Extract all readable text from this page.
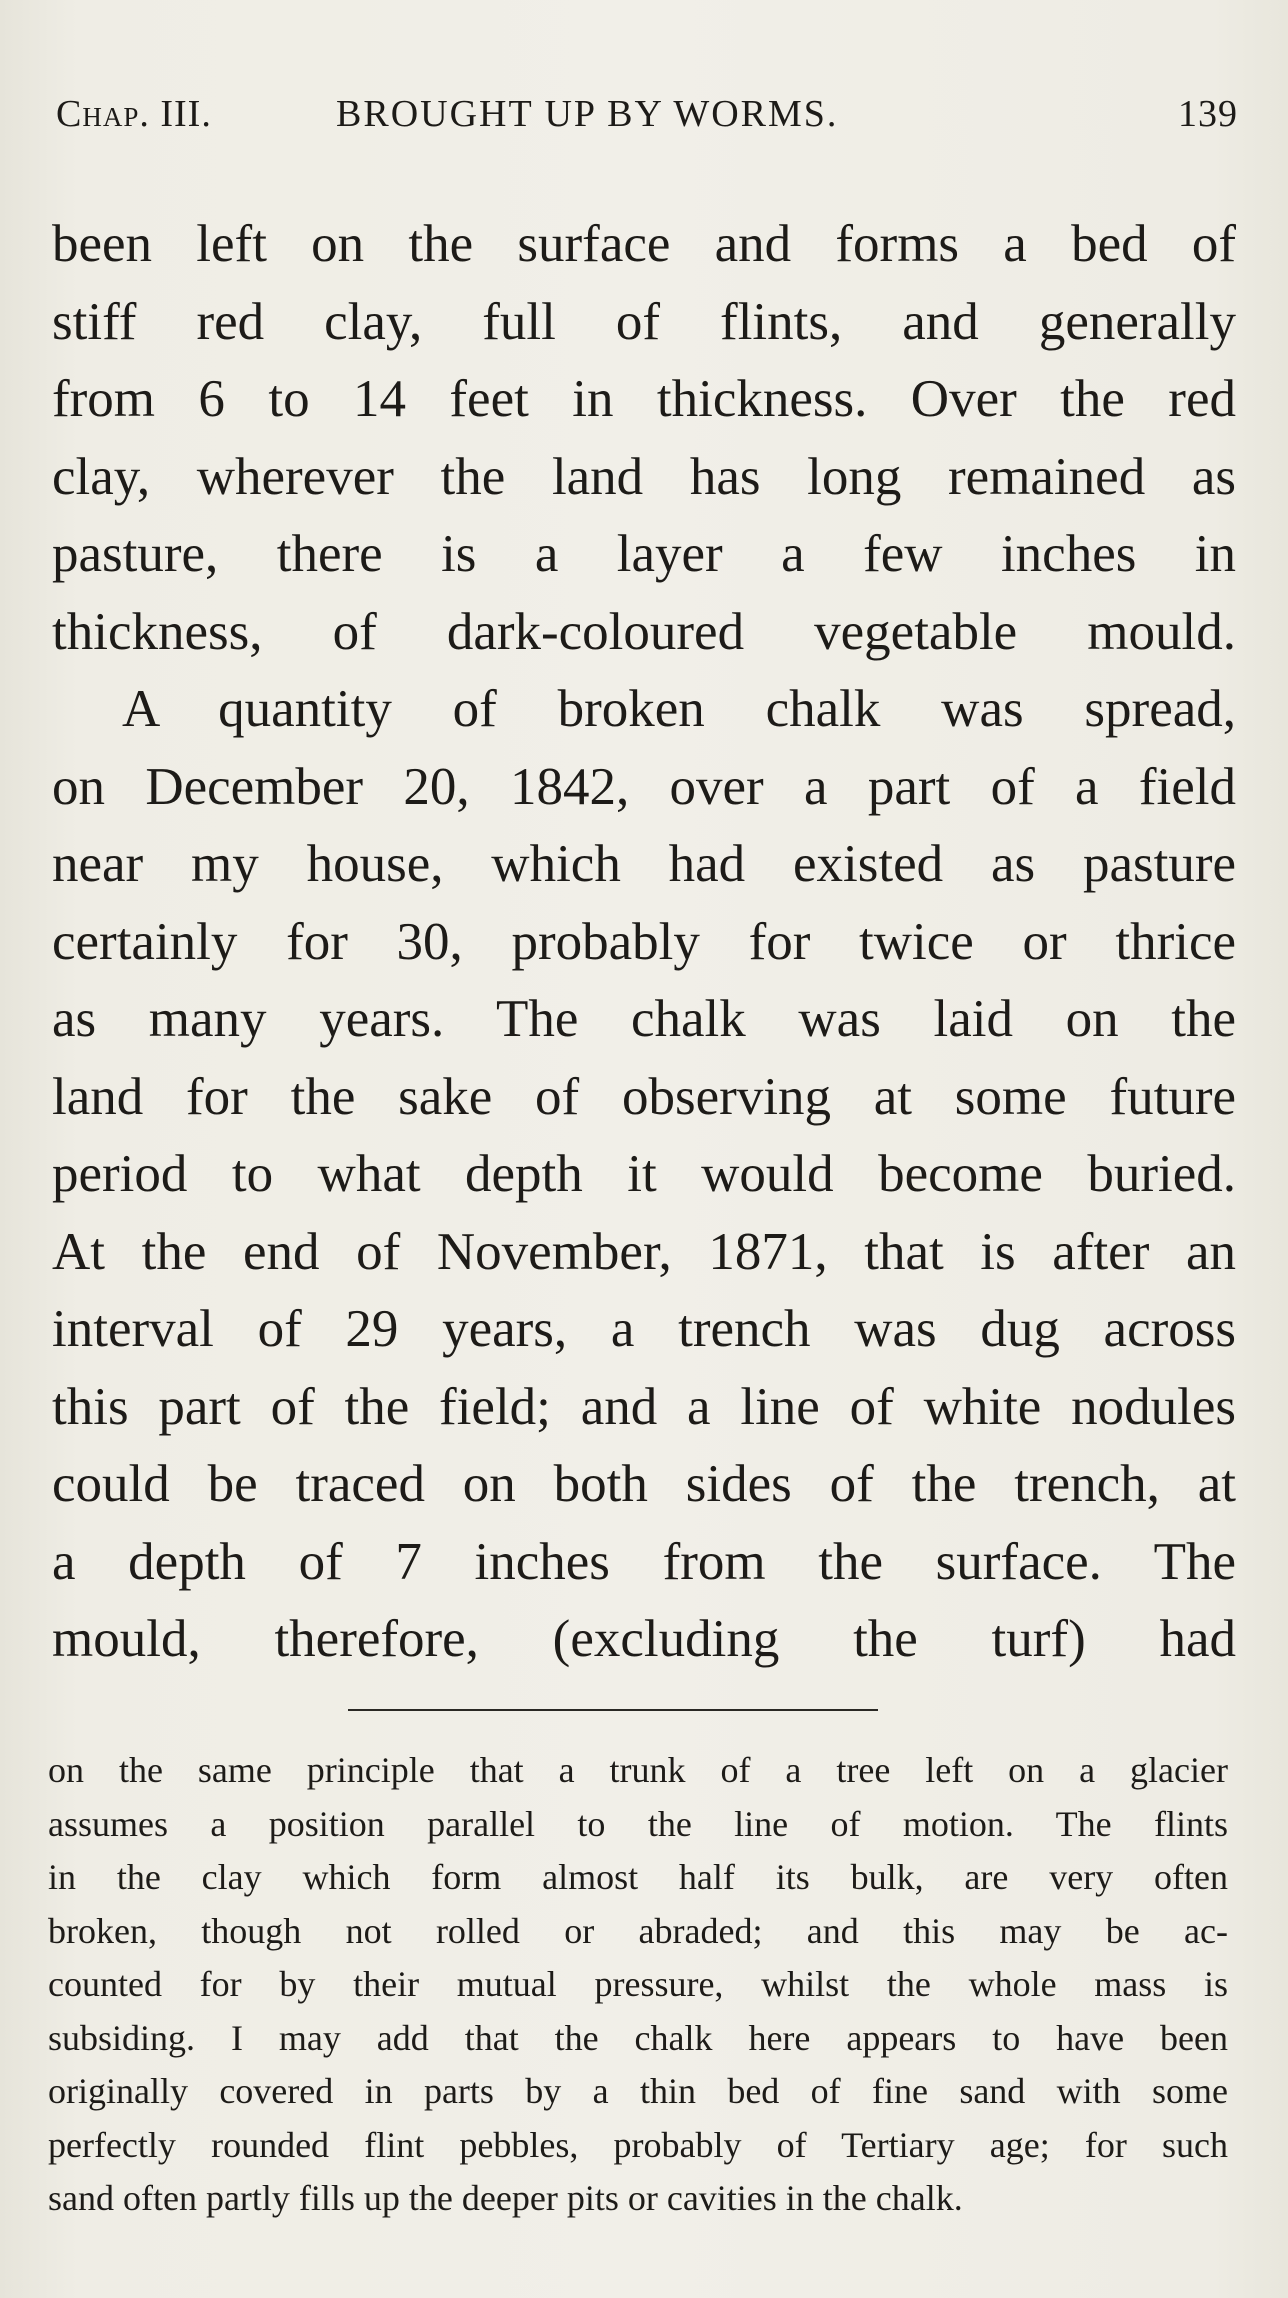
Chap. III.	BROUGHT UP BY WORMS.	139
been left on the surface and forms a bed of
stiff red clay, full of flints, and generally
from 6 to 14 feet in thickness. Over the red
clay, wherever the land has long remained as
pasture, there is a layer a few inches in
thickness, of dark-coloured vegetable mould.
A quantity of broken chalk was spread,
on December 20, 1842, over a part of a field
near my house, which had existed as pasture
certainly for 30, probably for twice or thrice
as many years. The chalk was laid on the
land for the sake of observing at some future
period to what depth it would become buried.
At the end of November, 1871, that is after an
interval of 29 years, a trench was dug across
this part of the field; and a line of white nodules
could be traced on both sides of the trench, at
a depth of 7 inches from the surface. The
mould, therefore, (excluding the turf) had
on the same principle that a trunk of a tree left on a glacier
assumes a position parallel to the line of motion. The flints
in the clay which form almost half its bulk, are very often
broken, though not rolled or abraded; and this may be ac-
counted for by their mutual pressure, whilst the whole mass is
subsiding. I may add that the chalk here appears to have been
originally covered in parts by a thin bed of fine sand with some
perfectly rounded flint pebbles, probably of Tertiary age; for such
sand often partly fills up the deeper pits or cavities in the chalk.
